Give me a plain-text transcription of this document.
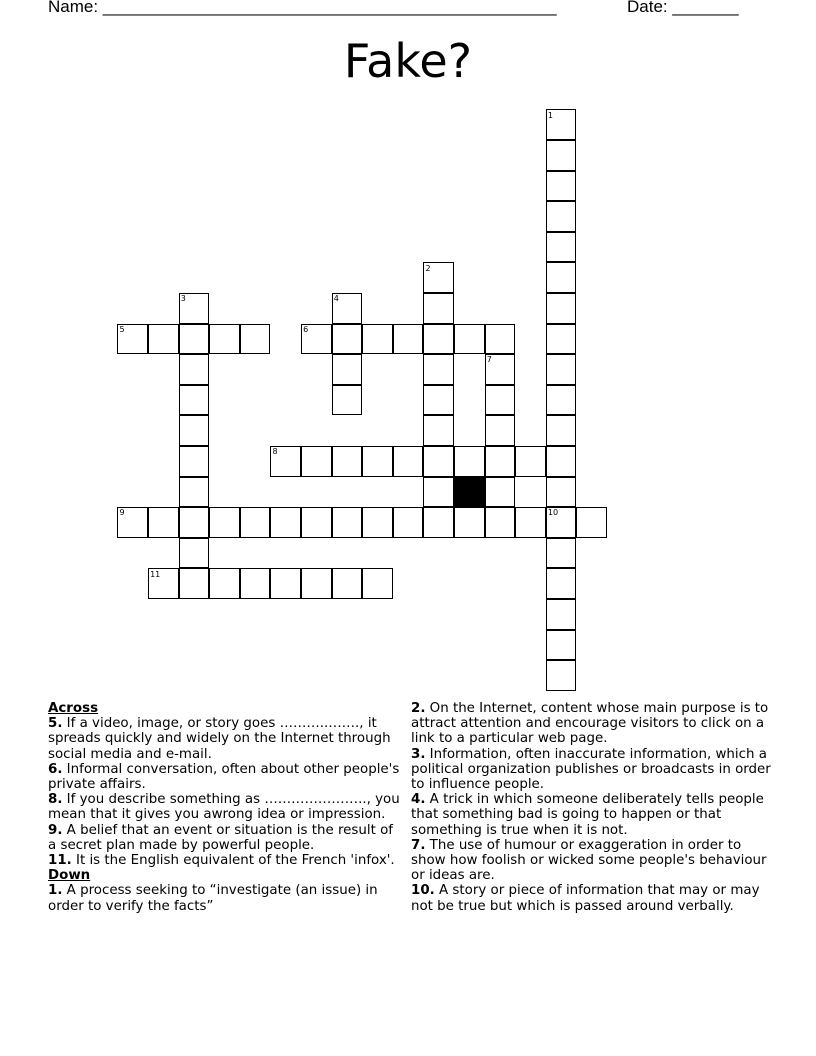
Name: ________________________________________________	Date: _______
Fake?
1
2
3	4
5	6
7
8
9	10
11
Across
5. If a video, image, or story goes ………..……., it spreads quickly and widely on the Internet through social media and e-mail.
6. Informal conversation, often about other people's private affairs.
8. If you describe something as ………………….., you mean that it gives you awrong idea or impression.
9. A belief that an event or situation is the result of a secret plan made by powerful people.
11. It is the English equivalent of the French 'infox'.
Down
1. A process seeking to “investigate (an issue) in order to verify the facts”
2. On the Internet, content whose main purpose is to attract attention and encourage visitors to click on a link to a particular web page.
3. Information, often inaccurate information, which a political organization publishes or broadcasts in order to influence people.
4. A trick in which someone deliberately tells people that something bad is going to happen or that something is true when it is not.
7. The use of humour or exaggeration in order to show how foolish or wicked some people's behaviour or ideas are.
10. A story or piece of information that may or may not be true but which is passed around verbally.
